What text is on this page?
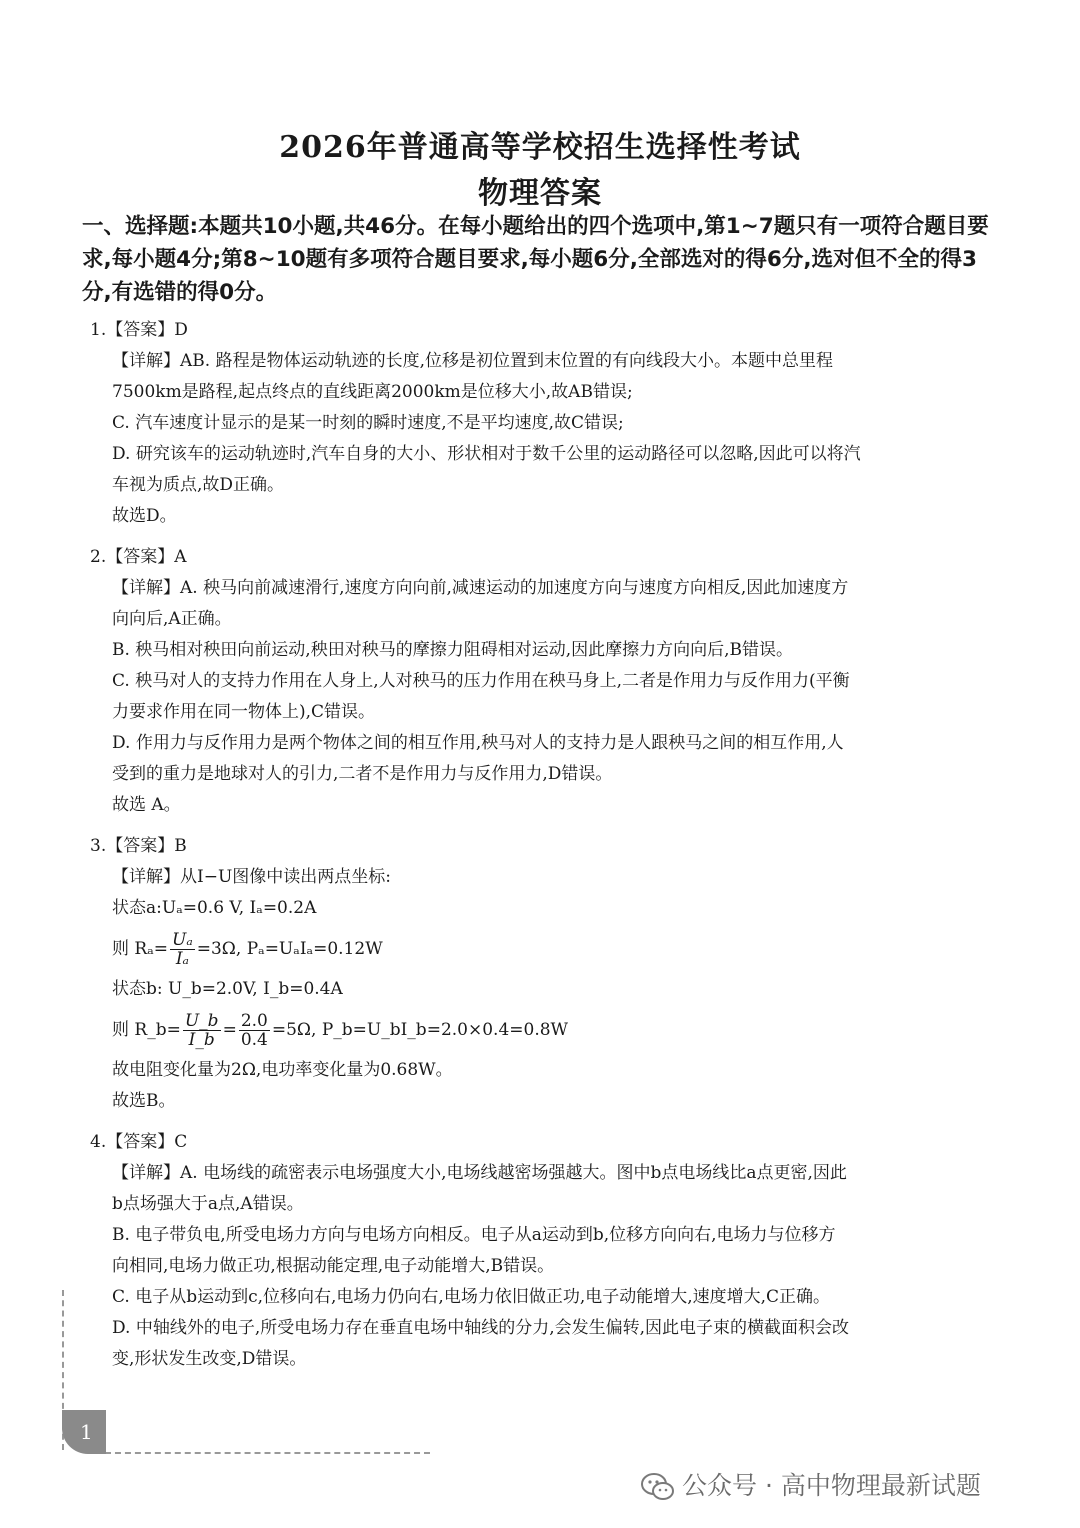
2026年普通高等学校招生选择性考试
物理答案
一、选择题:本题共10小题,共46分。在每小题给出的四个选项中,第1~7题只有一项符合题目要求,每小题4分;第8~10题有多项符合题目要求,每小题6分,全部选对的得6分,选对但不全的得3分,有选错的得0分。
1.【答案】D
【详解】AB. 路程是物体运动轨迹的长度,位移是初位置到末位置的有向线段大小。本题中总里程
7500km是路程,起点终点的直线距离2000km是位移大小,故AB错误;
C. 汽车速度计显示的是某一时刻的瞬时速度,不是平均速度,故C错误;
D. 研究该车的运动轨迹时,汽车自身的大小、形状相对于数千公里的运动路径可以忽略,因此可以将汽
车视为质点,故D正确。
故选D。
2.【答案】A
【详解】A. 秧马向前减速滑行,速度方向向前,减速运动的加速度方向与速度方向相反,因此加速度方
向向后,A正确。
B. 秧马相对秧田向前运动,秧田对秧马的摩擦力阻碍相对运动,因此摩擦力方向向后,B错误。
C. 秧马对人的支持力作用在人身上,人对秧马的压力作用在秧马身上,二者是作用力与反作用力(平衡
力要求作用在同一物体上),C错误。
D. 作用力与反作用力是两个物体之间的相互作用,秧马对人的支持力是人跟秧马之间的相互作用,人
受到的重力是地球对人的引力,二者不是作用力与反作用力,D错误。
故选 A。
3.【答案】B
【详解】从I−U图像中读出两点坐标:
状态a:Uₐ=0.6 V, Iₐ=0.2A
则 $R_a= \frac{\text{Uₐ}}{\text{Iₐ}} =3\Omega$, Pₐ=UₐIₐ=0.12W
状态b: U_b=2.0V, I_b=0.4A
则 R_b= $\frac{U\_b}{I\_b} = \frac{2.0}{0.4} =5\Omega$, P_b=U_bI_b=2.0×0.4=0.8W
故电阻变化量为2Ω,电功率变化量为0.68W。
故选B。
4.【答案】C
【详解】A. 电场线的疏密表示电场强度大小,电场线越密场强越大。图中b点电场线比a点更密,因此
b点场强大于a点,A错误。
B. 电子带负电,所受电场力方向与电场方向相反。电子从a运动到b,位移方向向右,电场力与位移方
向相同,电场力做正功,根据动能定理,电子动能增大,B错误。
C. 电子从b运动到c,位移向右,电场力仍向右,电场力依旧做正功,电子动能增大,速度增大,C正确。
D. 中轴线外的电子,所受电场力存在垂直电场中轴线的分力,会发生偏转,因此电子束的横截面积会改
变,形状发生改变,D错误。
1
公众号 · 高中物理最新试题
